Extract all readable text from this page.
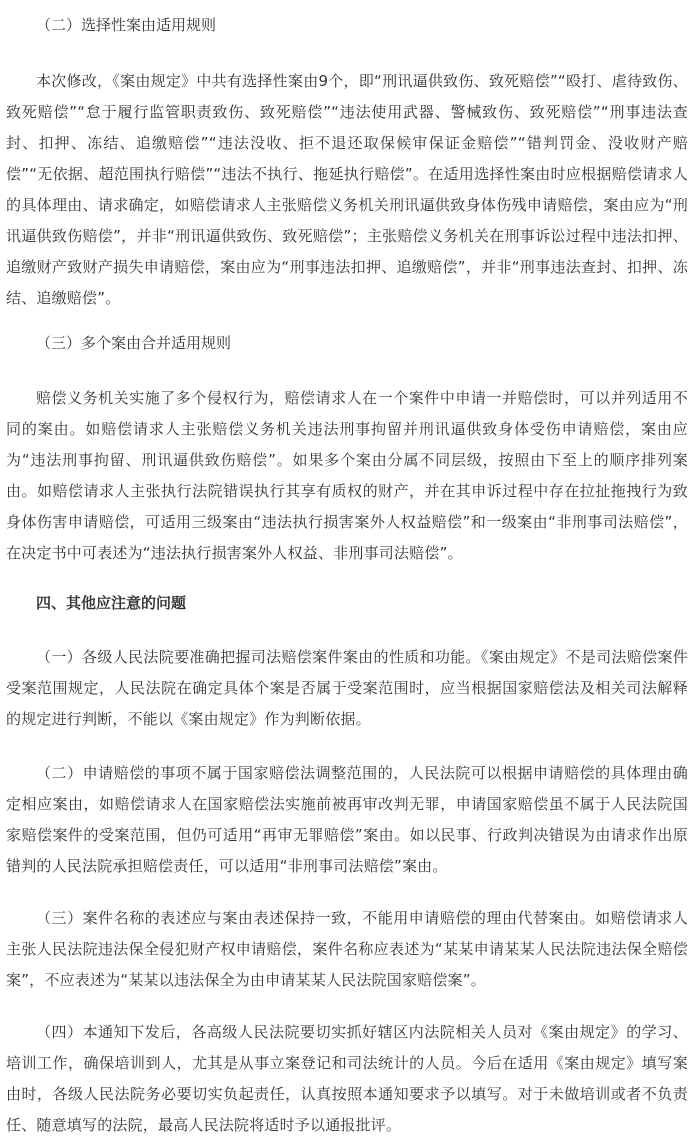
（二）选择性案由适用规则

本次修改，《案由规定》中共有选择性案由9个，即“刑讯逼供致伤、致死赔偿”“殴打、虐待致伤、致死赔偿”“怠于履行监管职责致伤、致死赔偿”“违法使用武器、警械致伤、致死赔偿”“刑事违法查封、扣押、冻结、追缴赔偿”“违法没收、拒不退还取保候审保证金赔偿”“错判罚金、没收财产赔偿”“无依据、超范围执行赔偿”“违法不执行、拖延执行赔偿”。在适用选择性案由时应根据赔偿请求人的具体理由、请求确定，如赔偿请求人主张赔偿义务机关刑讯逼供致身体伤残申请赔偿，案由应为“刑讯逼供致伤赔偿”，并非“刑讯逼供致伤、致死赔偿”；主张赔偿义务机关在刑事诉讼过程中违法扣押、追缴财产致财产损失申请赔偿，案由应为“刑事违法扣押、追缴赔偿”，并非“刑事违法查封、扣押、冻结、追缴赔偿”。

（三）多个案由合并适用规则

赔偿义务机关实施了多个侵权行为，赔偿请求人在一个案件中申请一并赔偿时，可以并列适用不同的案由。如赔偿请求人主张赔偿义务机关违法刑事拘留并刑讯逼供致身体受伤申请赔偿，案由应为“违法刑事拘留、刑讯逼供致伤赔偿”。如果多个案由分属不同层级，按照由下至上的顺序排列案由。如赔偿请求人主张执行法院错误执行其享有质权的财产，并在其申诉过程中存在拉扯拖拽行为致身体伤害申请赔偿，可适用三级案由“违法执行损害案外人权益赔偿”和一级案由“非刑事司法赔偿”，在决定书中可表述为“违法执行损害案外人权益、非刑事司法赔偿”。

四、其他应注意的问题

（一）各级人民法院要准确把握司法赔偿案件案由的性质和功能。《案由规定》不是司法赔偿案件受案范围规定，人民法院在确定具体个案是否属于受案范围时，应当根据国家赔偿法及相关司法解释的规定进行判断，不能以《案由规定》作为判断依据。

（二）申请赔偿的事项不属于国家赔偿法调整范围的，人民法院可以根据申请赔偿的具体理由确定相应案由，如赔偿请求人在国家赔偿法实施前被再审改判无罪，申请国家赔偿虽不属于人民法院国家赔偿案件的受案范围，但仍可适用“再审无罪赔偿”案由。如以民事、行政判决错误为由请求作出原错判的人民法院承担赔偿责任，可以适用“非刑事司法赔偿”案由。

（三）案件名称的表述应与案由表述保持一致，不能用申请赔偿的理由代替案由。如赔偿请求人主张人民法院违法保全侵犯财产权申请赔偿，案件名称应表述为“某某申请某某人民法院违法保全赔偿案”，不应表述为“某某以违法保全为由申请某某人民法院国家赔偿案”。

（四）本通知下发后，各高级人民法院要切实抓好辖区内法院相关人员对《案由规定》的学习、培训工作，确保培训到人，尤其是从事立案登记和司法统计的人员。今后在适用《案由规定》填写案由时，各级人民法院务必要切实负起责任，认真按照本通知要求予以填写。对于未做培训或者不负责任、随意填写的法院，最高人民法院将适时予以通报批评。
